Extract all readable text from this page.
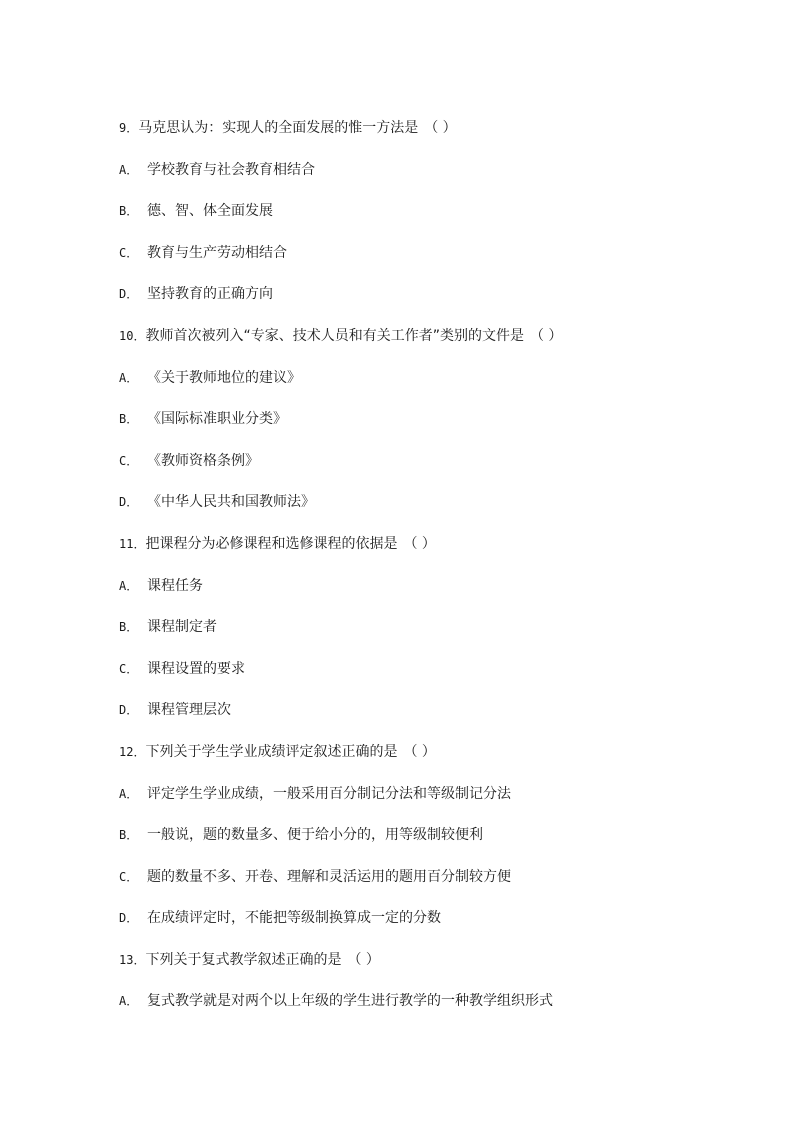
9．马克思认为：实现人的全面发展的惟一方法是 （ ）
A． 学校教育与社会教育相结合
B． 德、智、体全面发展
C． 教育与生产劳动相结合
D． 坚持教育的正确方向
10．教师首次被列入“专家、技术人员和有关工作者”类别的文件是 （ ）
A． 《关于教师地位的建议》
B． 《国际标准职业分类》
C． 《教师资格条例》
D． 《中华人民共和国教师法》
11．把课程分为必修课程和选修课程的依据是 （ ）
A． 课程任务
B． 课程制定者
C． 课程设置的要求
D． 课程管理层次
12．下列关于学生学业成绩评定叙述正确的是 （ ）
A． 评定学生学业成绩，一般采用百分制记分法和等级制记分法
B． 一般说，题的数量多、便于给小分的，用等级制较便利
C． 题的数量不多、开卷、理解和灵活运用的题用百分制较方便
D． 在成绩评定时，不能把等级制换算成一定的分数
13．下列关于复式教学叙述正确的是 （ ）
A． 复式教学就是对两个以上年级的学生进行教学的一种教学组织形式
